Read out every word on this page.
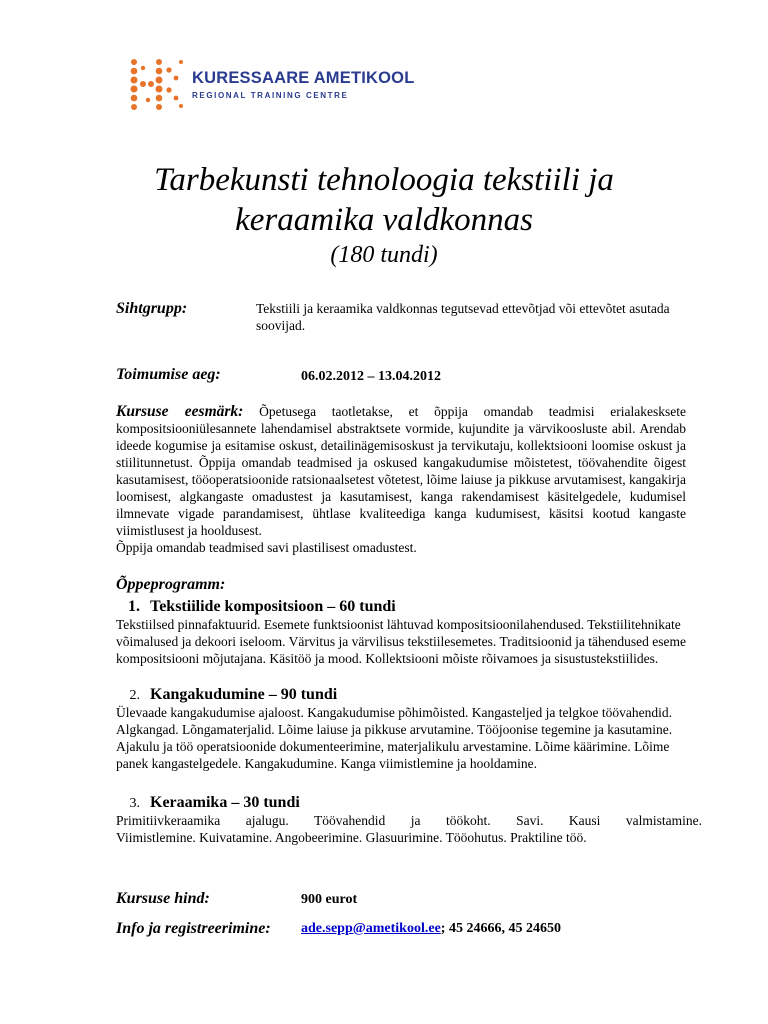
KURESSAARE AMETIKOOL
REGIONAL TRAINING CENTRE
Tarbekunsti tehnoloogia tekstiili ja
keraamika valdkonnas
(180 tundi)
Sihtgrupp:	Tekstiili ja keraamika valdkonnas tegutsevad ettevõtjad või ettevõtet asutada soovijad.
Toimumise aeg:	06.02.2012 – 13.04.2012

Kursuse eesmärk: Õpetusega taotletakse, et õppija omandab teadmisi erialakesksete kompositsiooniülesannete lahendamisel abstraktsete vormide, kujundite ja värvikoosluste abil. Arendab ideede kogumise ja esitamise oskust, detailinägemisoskust ja tervikutaju, kollektsiooni loomise oskust ja stiilitunnetust. Õppija omandab teadmised ja oskused kangakudumise mõistetest, töövahendite õigest kasutamisest, tööoperatsioonide ratsionaalsetest võtetest, lõime laiuse ja pikkuse arvutamisest, kangakirja loomisest, algkangaste omadustest ja kasutamisest, kanga rakendamisest käsitelgedele, kudumisel ilmnevate vigade parandamisest, ühtlase kvaliteediga kanga kudumisest, käsitsi kootud kangaste viimistlusest ja hooldusest.

Õppija omandab teadmised savi plastilisest omadustest.

Õppeprogramm:
1. Tekstiilide kompositsioon – 60 tundi
Tekstiilsed pinnafaktuurid. Esemete funktsioonist lähtuvad kompositsioonilahendused. Tekstiilitehnikate võimalused ja dekoori iseloom. Värvitus ja värvilisus tekstiilesemetes. Traditsioonid ja tähendused eseme kompositsiooni mõjutajana. Käsitöö ja mood. Kollektsiooni mõiste rõivamoes ja sisustustekstiilides.
2. Kangakudumine – 90 tundi
Ülevaade kangakudumise ajaloost. Kangakudumise põhimõisted. Kangasteljed ja telgkoe töövahendid. Algkangad. Lõngamaterjalid. Lõime laiuse ja pikkuse arvutamine. Tööjoonise tegemine ja kasutamine. Ajakulu ja töö operatsioonide dokumenteerimine, materjalikulu arvestamine. Lõime käärimine. Lõime panek kangastelgedele. Kangakudumine. Kanga viimistlemine ja hooldamine.
3. Keraamika – 30 tundi
Primitiivkeraamika ajalugu. Töövahendid ja töökoht. Savi. Kausi valmistamine.
Viimistlemine. Kuivatamine. Angobeerimine. Glasuurimine. Tööohutus. Praktiline töö.
Kursuse hind:	900 eurot
Info ja registreerimine: ade.sepp@ametikool.ee; 45 24666, 45 24650
